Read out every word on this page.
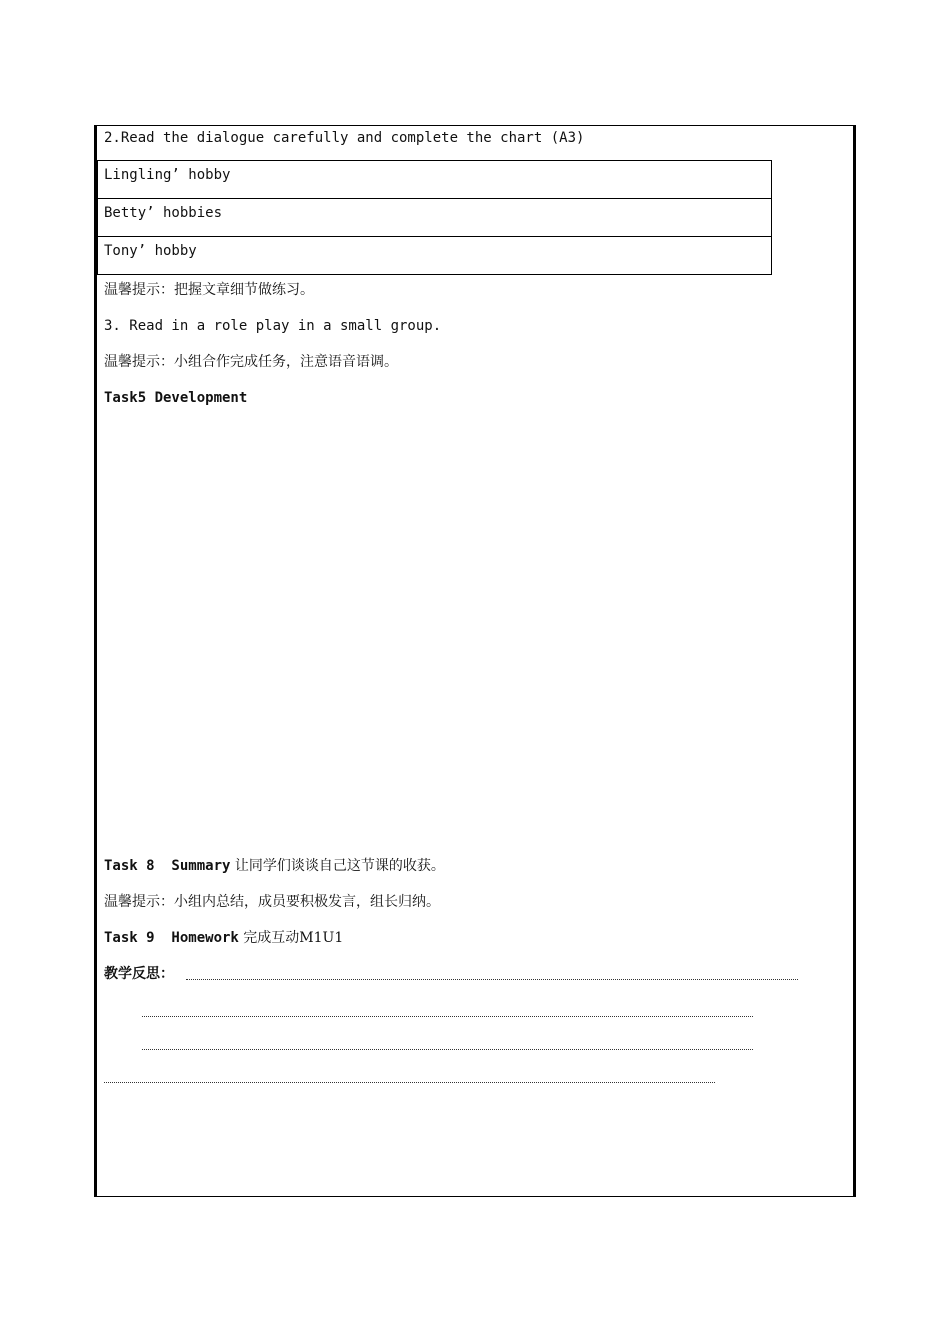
2.Read the dialogue carefully and complete the chart (A3)
Lingling’ hobby
Betty’ hobbies
Tony’ hobby
温馨提示：把握文章细节做练习。
3. Read in a role play in a small group.
温馨提示：小组合作完成任务，注意语音语调。
Task5 Development
Task 8  Summary 让同学们谈谈自己这节课的收获。
温馨提示：小组内总结，成员要积极发言，组长归纳。
Task 9  Homework 完成互动M1U1
教学反思：
